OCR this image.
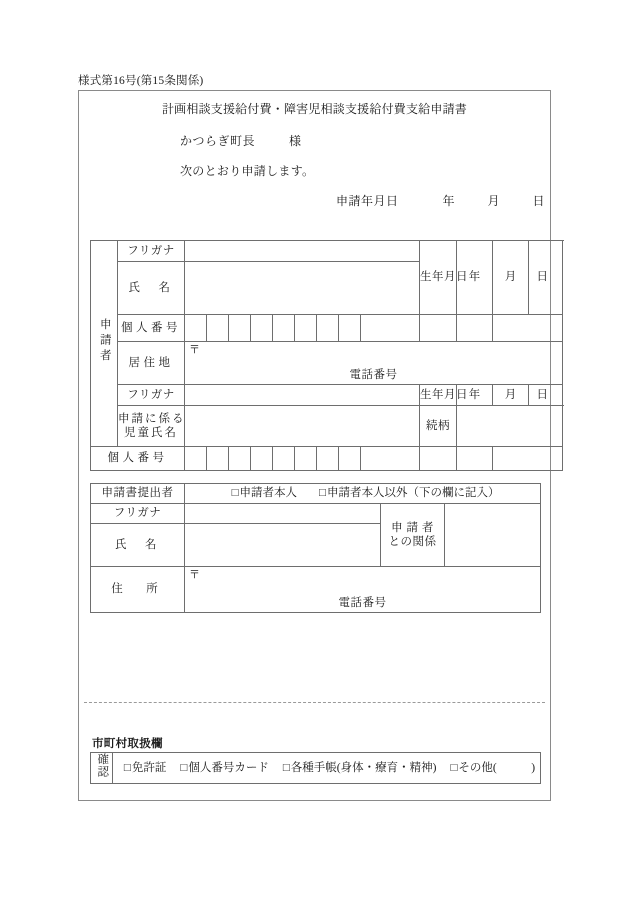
様式第16号(第15条関係)
計画相談支援給付費・障害児相談支援給付費支給申請書
かつらぎ町長	様
次のとおり申請します。
申請年月日	年	月	日
申請者	フリガナ										生年月日	年	月	日
	氏　名													
	個人番号													
	居住地	〒
電話番号												

	フリガナ										生年月日	年	月	日
	申請に係る
児童氏名										続柄			
個人番号														
申請書提出者	□申請者本人 □申請者本人以外（下の欄に記入）		
フリガナ		申 請 者
との関係	
氏　名			
住　所	〒
電話番号		
市町村取扱欄
確認	□免許証 □個人番号カード □各種手帳(身体・療育・精神) □その他(　　　)
